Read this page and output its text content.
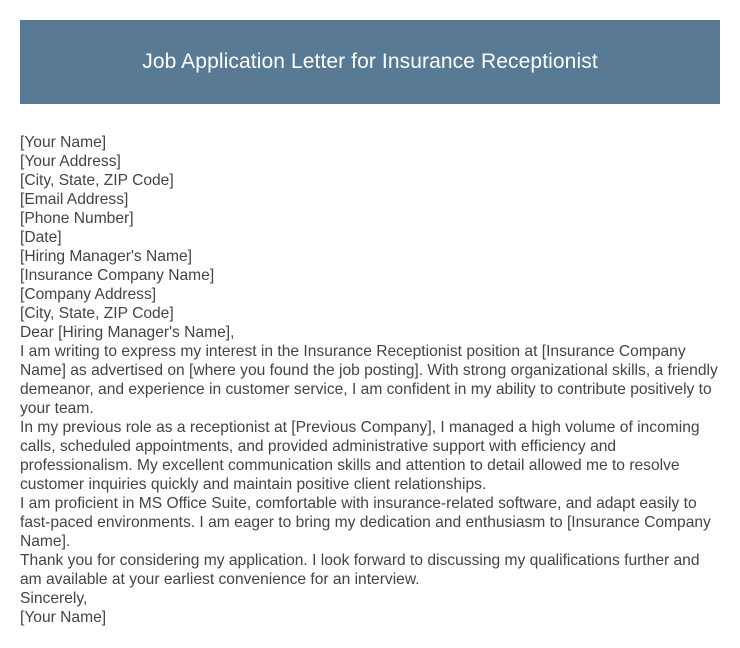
Job Application Letter for Insurance Receptionist
[Your Name]
[Your Address]
[City, State, ZIP Code]
[Email Address]
[Phone Number]
[Date]
[Hiring Manager's Name]
[Insurance Company Name]
[Company Address]
[City, State, ZIP Code]
Dear [Hiring Manager's Name],

I am writing to express my interest in the Insurance Receptionist position at [Insurance Company Name] as advertised on [where you found the job posting]. With strong organizational skills, a friendly demeanor, and experience in customer service, I am confident in my ability to contribute positively to your team.

In my previous role as a receptionist at [Previous Company], I managed a high volume of incoming calls, scheduled appointments, and provided administrative support with efficiency and professionalism. My excellent communication skills and attention to detail allowed me to resolve customer inquiries quickly and maintain positive client relationships.

I am proficient in MS Office Suite, comfortable with insurance-related software, and adapt easily to fast-paced environments. I am eager to bring my dedication and enthusiasm to [Insurance Company Name].

Thank you for considering my application. I look forward to discussing my qualifications further and am available at your earliest convenience for an interview.

Sincerely,
[Your Name]
